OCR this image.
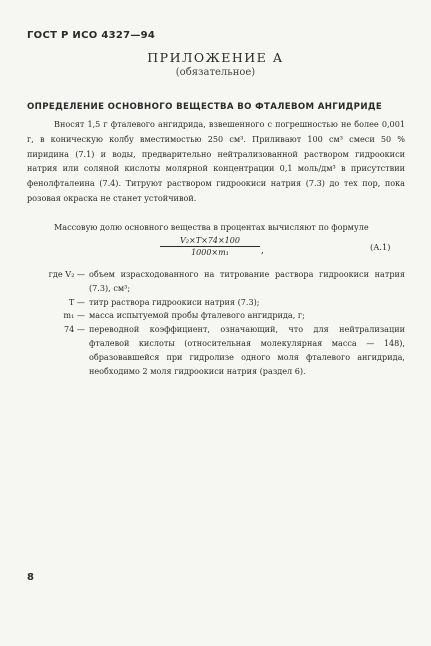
ГОСТ Р ИСО 4327—94
ПРИЛОЖЕНИЕ А
(обязательное)
ОПРЕДЕЛЕНИЕ ОСНОВНОГО ВЕЩЕСТВА ВО ФТАЛЕВОМ АНГИДРИДЕ
Вносят 1,5 г фталевого ангидрида, взвешенного с погрешностью не более 0,001 г, в коническую колбу вместимостью 250 см³. Приливают 100 см³ смеси 50 % пиридина (7.1) и воды, предварительно нейтрализованной раствором гидроокиси натрия или соляной кислоты молярной концентрации 0,1 моль/дм³ в присутствии фенолфталеина (7.4). Титруют раствором гидроокиси натрия (7.3) до тех пор, пока розовая окраска не станет устойчивой.
Массовую долю основного вещества в процентах вычисляют по формуле
$\frac{\text{V₂×T×74×100}}{\text{1000×m₁}}$ ,	(А.1)
где V₂ — объем израсходованного на титрование раствора гидроокиси натрия (7.3), см³;
T — титр раствора гидроокиси натрия (7.3);
m₁ — масса испытуемой пробы фталевого ангидрида, г;
74 — переводной коэффициент, означающий, что для нейтрализации фталевой кислоты (относительная молекулярная масса — 148), образовавшейся при гидролизе одного моля фталевого ангидрида, необходимо 2 моля гидроокиси натрия (раздел 6).
8
